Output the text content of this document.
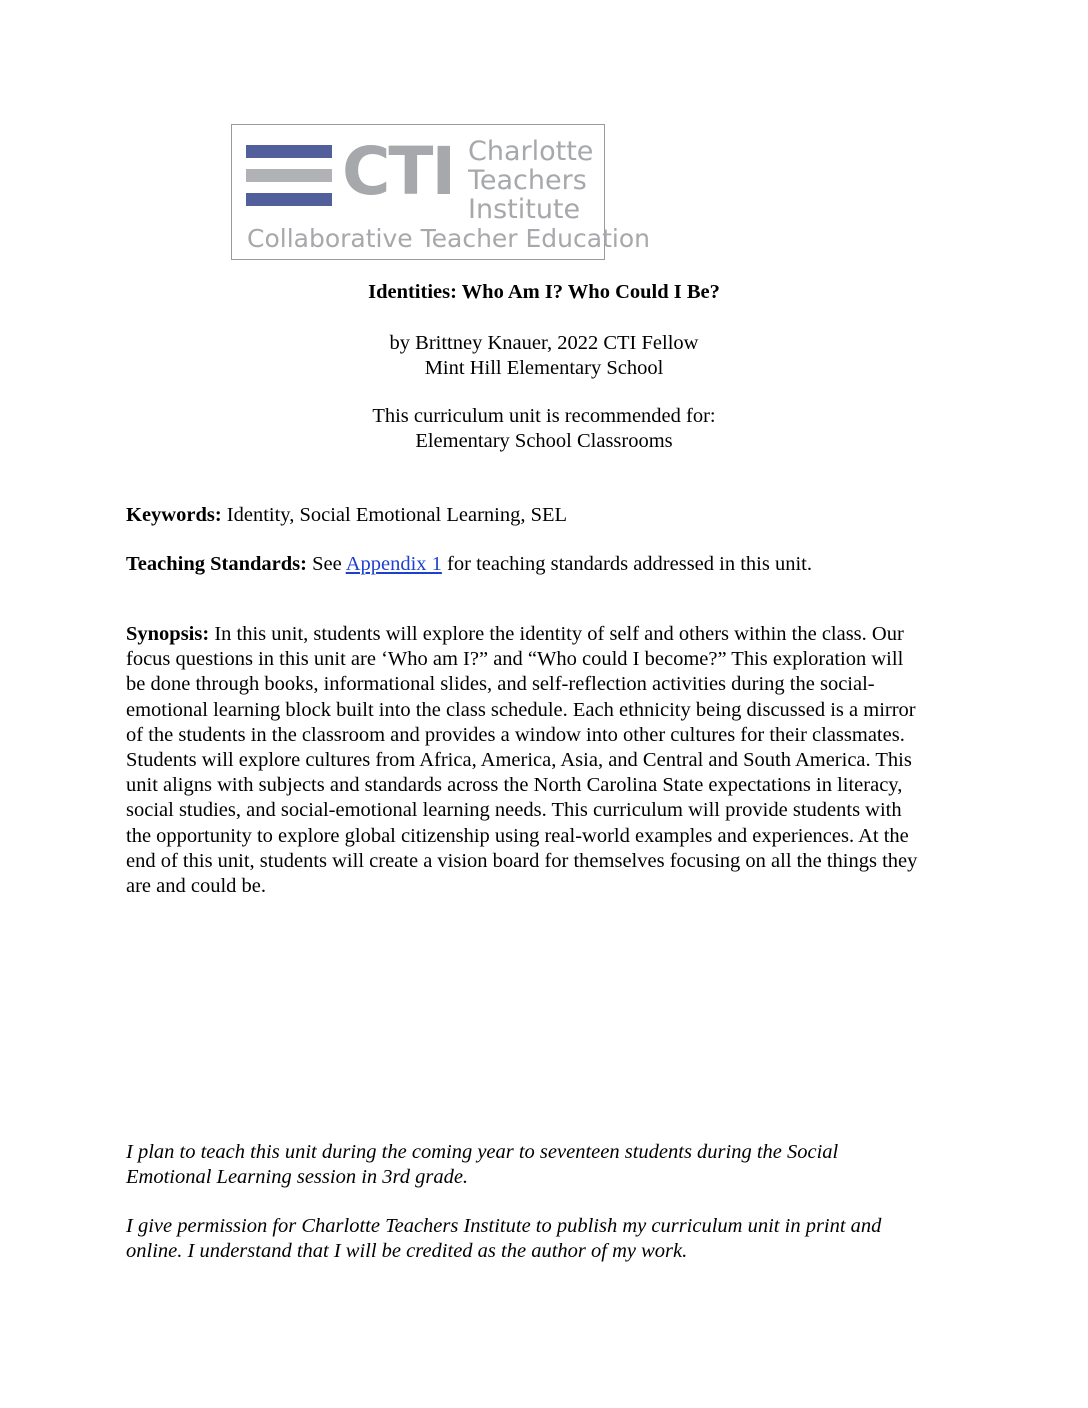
CTI Charlotte
Teachers
Institute
Collaborative Teacher Education
Identities: Who Am I? Who Could I Be?
by Brittney Knauer, 2022 CTI Fellow
Mint Hill Elementary School
This curriculum unit is recommended for:
Elementary School Classrooms
Keywords: Identity, Social Emotional Learning, SEL
Teaching Standards: See Appendix 1 for teaching standards addressed in this unit.
Synopsis: In this unit, students will explore the identity of self and others within the class. Our focus questions in this unit are ‘Who am I?” and “Who could I become?” This exploration will be done through books, informational slides, and self-reflection activities during the social-emotional learning block built into the class schedule. Each ethnicity being discussed is a mirror of the students in the classroom and provides a window into other cultures for their classmates. Students will explore cultures from Africa, America, Asia, and Central and South America. This unit aligns with subjects and standards across the North Carolina State expectations in literacy, social studies, and social-emotional learning needs. This curriculum will provide students with the opportunity to explore global citizenship using real-world examples and experiences. At the end of this unit, students will create a vision board for themselves focusing on all the things they are and could be.
I plan to teach this unit during the coming year to seventeen students during the Social Emotional Learning session in 3rd grade.
I give permission for Charlotte Teachers Institute to publish my curriculum unit in print and online. I understand that I will be credited as the author of my work.
